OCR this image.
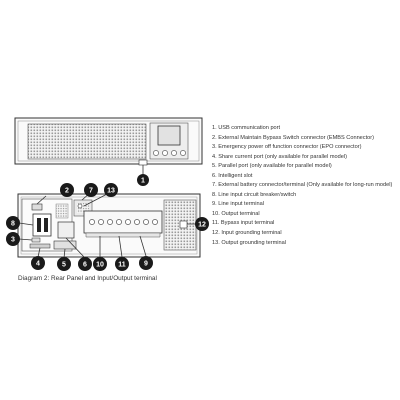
1
2	7 13
8
3
12
4	5 6 10 11	9
Diagram 2: Rear Panel and Input/Output terminal
1. USB communication port
2. External Maintain Bypass Switch connector (EMBS Connector)
3. Emergency power off function connector (EPO connector)
4. Share current port (only available for parallel model)
5. Parallel port (only available for parallel model)
6. Intelligent slot
7. External battery connector/terminal (Only available for long-run model)
8. Line input circuit breaker/switch
9. Line input terminal
10. Output terminal
11. Bypass input terminal
12. Input grounding terminal
13. Output grounding terminal
